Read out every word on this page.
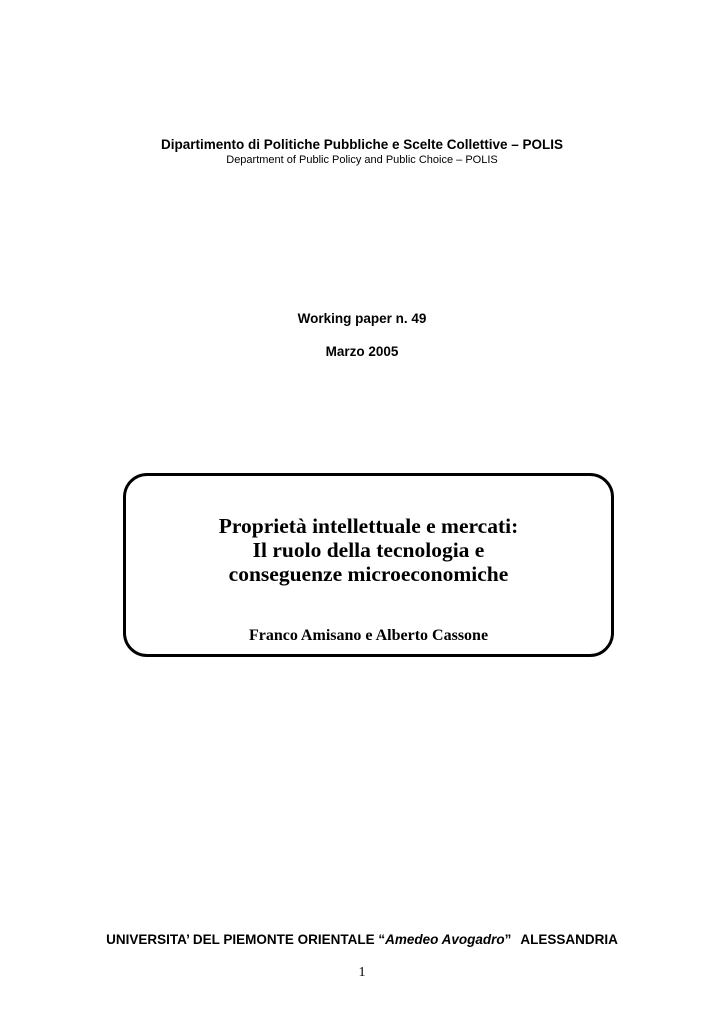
Dipartimento di Politiche Pubbliche e Scelte Collettive – POLIS
Department of Public Policy and Public Choice – POLIS
Working paper n. 49
Marzo 2005
Proprietà intellettuale e mercati:
Il ruolo della tecnologia e
conseguenze microeconomiche
Franco Amisano e Alberto Cassone
UNIVERSITA’ DEL PIEMONTE ORIENTALE “Amedeo Avogadro” ALESSANDRIA
1
